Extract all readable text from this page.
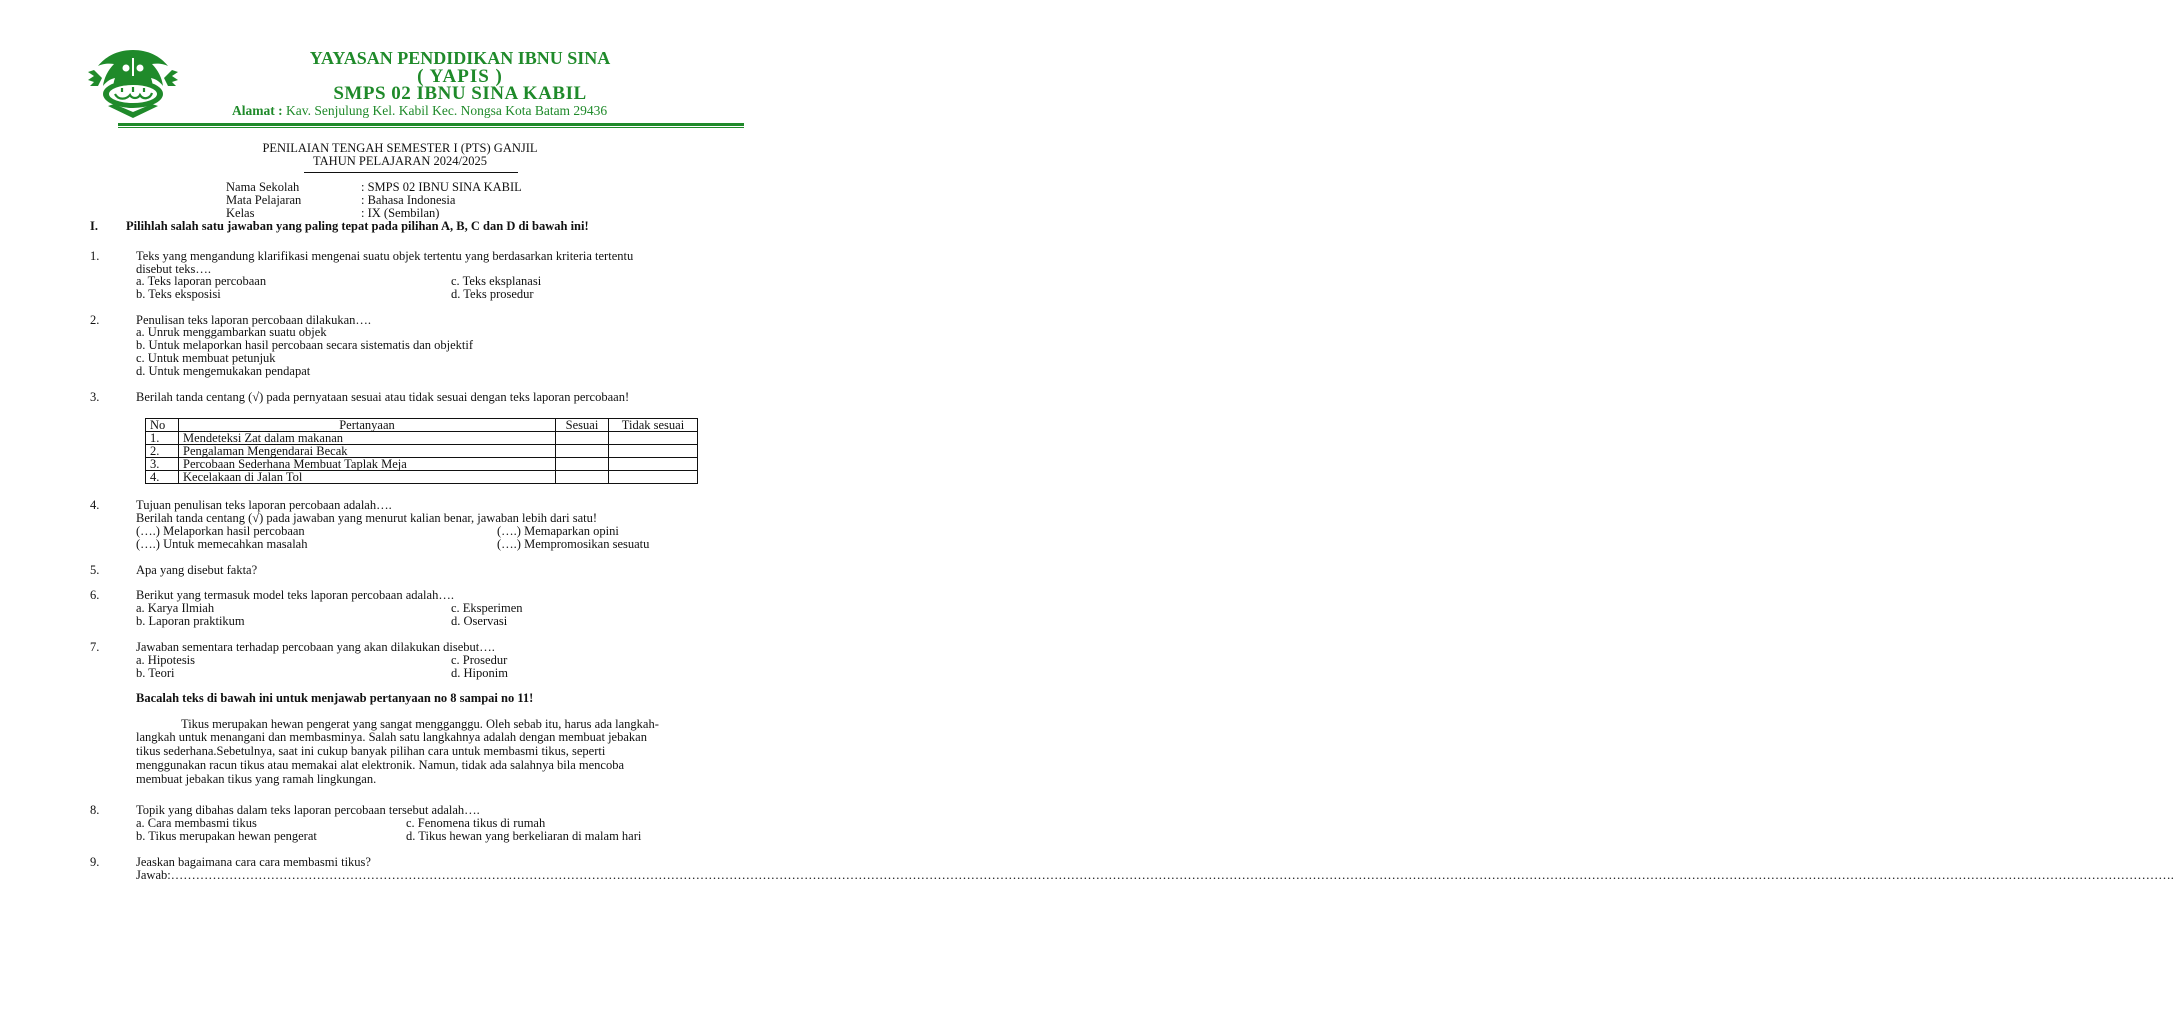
YAYASAN PENDIDIKAN IBNU SINA
( YAPIS )
SMPS 02 IBNU SINA KABIL
Alamat : Kav. Senjulung Kel. Kabil Kec. Nongsa Kota Batam 29436
PENILAIAN TENGAH SEMESTER I (PTS) GANJIL
TAHUN PELAJARAN 2024/2025
Nama Sekolah	: SMPS 02 IBNU SINA KABIL
Mata Pelajaran	: Bahasa Indonesia
Kelas	: IX (Sembilan)
I. Pilihlah salah satu jawaban yang paling tepat pada pilihan A, B, C dan D di bawah ini!
1.	Teks yang mengandung klarifikasi mengenai suatu objek tertentu yang berdasarkan kriteria tertentu
disebut teks….
a. Teks laporan percobaan	c. Teks eksplanasi
b. Teks eksposisi	d. Teks prosedur
2.	Penulisan teks laporan percobaan dilakukan….
a. Unruk menggambarkan suatu objek
b. Untuk melaporkan hasil percobaan secara sistematis dan objektif
c. Untuk membuat petunjuk
d. Untuk mengemukakan pendapat
3.	Berilah tanda centang (√) pada pernyataan sesuai atau tidak sesuai dengan teks laporan percobaan!
No	Pertanyaan	Sesuai	Tidak sesuai
1.	Mendeteksi Zat dalam makanan		
2.	Pengalaman Mengendarai Becak		
3.	Percobaan Sederhana Membuat Taplak Meja		
4.	Kecelakaan di Jalan Tol		
4.	Tujuan penulisan teks laporan percobaan adalah….
Berilah tanda centang (√) pada jawaban yang menurut kalian benar, jawaban lebih dari satu!
(….) Melaporkan hasil percobaan	(….) Memaparkan opini
(….) Untuk memecahkan masalah	(….) Mempromosikan sesuatu
5.	Apa yang disebut fakta?
6.	Berikut yang termasuk model teks laporan percobaan adalah….
a. Karya Ilmiah	c. Eksperimen
b. Laporan praktikum	d. Oservasi
7.	Jawaban sementara terhadap percobaan yang akan dilakukan disebut….
a. Hipotesis	c. Prosedur
b. Teori	d. Hiponim
Bacalah teks di bawah ini untuk menjawab pertanyaan no 8 sampai no 11!
Tikus merupakan hewan pengerat yang sangat mengganggu. Oleh sebab itu, harus ada langkah-
langkah untuk menangani dan membasminya. Salah satu langkahnya adalah dengan membuat jebakan
tikus sederhana.Sebetulnya, saat ini cukup banyak pilihan cara untuk membasmi tikus, seperti
menggunakan racun tikus atau memakai alat elektronik. Namun, tidak ada salahnya bila mencoba
membuat jebakan tikus yang ramah lingkungan.
8.	Topik yang dibahas dalam teks laporan percobaan tersebut adalah….
a. Cara membasmi tikus	c. Fenomena tikus di rumah
b. Tikus merupakan hewan pengerat	d. Tikus hewan yang berkeliaran di malam hari
9.	Jeaskan bagaimana cara cara membasmi tikus?
Jawab:………………………………………………………………………………………………………………………………………………………………………………………………………………………………………………………………………………………………………………………………………………………………………………………………………………………………………….
